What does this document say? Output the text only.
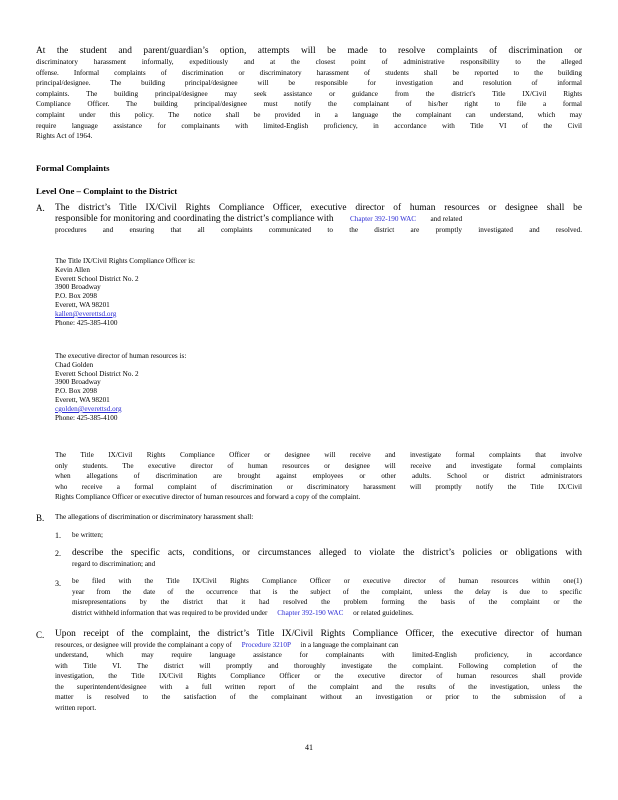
At the student and parent/guardian’s option, attempts will be made to resolve complaints of discrimination or
discriminatory harassment informally, expeditiously and at the closest point of administrative responsibility to the alleged
offense. Informal complaints of discrimination or discriminatory harassment of students shall be reported to the building
principal/designee. The building principal/designee will be responsible for investigation and resolution of informal
complaints. The building principal/designee may seek assistance or guidance from the district's Title IX/Civil Rights
Compliance Officer. The building principal/designee must notify the complainant of his/her right to file a formal
complaint under this policy. The notice shall be provided in a language the complainant can understand, which may
require language assistance for complainants with limited-English proficiency, in accordance with Title VI of the Civil
Rights Act of 1964.
Formal Complaints
Level One – Complaint to the District
A. The district’s Title IX/Civil Rights Compliance Officer, executive director of human resources or designee shall be
responsible for monitoring and coordinating the district’s compliance with Chapter 392-190 WAC and related
procedures and ensuring that all complaints communicated to the district are promptly investigated and resolved.
The Title IX/Civil Rights Compliance Officer is:
Kevin Allen
Everett School District No. 2
3900 Broadway
P.O. Box 2098
Everett, WA 98201
kallen@everettsd.org
Phone: 425-385-4100
The executive director of human resources is:
Chad Golden
Everett School District No. 2
3900 Broadway
P.O. Box 2098
Everett, WA 98201
cgolden@everettsd.org
Phone: 425-385-4100
The Title IX/Civil Rights Compliance Officer or designee will receive and investigate formal complaints that involve
only students. The executive director of human resources or designee will receive and investigate formal complaints
when allegations of discrimination are brought against employees or other adults. School or district administrators
who receive a formal complaint of discrimination or discriminatory harassment will promptly notify the Title IX/Civil
Rights Compliance Officer or executive director of human resources and forward a copy of the complaint.
B. The allegations of discrimination or discriminatory harassment shall:
1. be written;
2. describe the specific acts, conditions, or circumstances alleged to violate the district’s policies or obligations with
regard to discrimination; and
3. be filed with the Title IX/Civil Rights Compliance Officer or executive director of human resources within one(1)
year from the date of the occurrence that is the subject of the complaint, unless the delay is due to specific
misrepresentations by the district that it had resolved the problem forming the basis of the complaint or the
district withheld information that was required to be provided under Chapter 392-190 WAC or related guidelines.
C. Upon receipt of the complaint, the district’s Title IX/Civil Rights Compliance Officer, the executive director of human
resources, or designee will provide the complainant a copy of Procedure 3210P in a language the complainant can
understand, which may require language assistance for complainants with limited-English proficiency, in accordance
with Title VI. The district will promptly and thoroughly investigate the complaint. Following completion of the
investigation, the Title IX/Civil Rights Compliance Officer or the executive director of human resources shall provide
the superintendent/designee with a full written report of the complaint and the results of the investigation, unless the
matter is resolved to the satisfaction of the complainant without an investigation or prior to the submission of a
written report.
41
